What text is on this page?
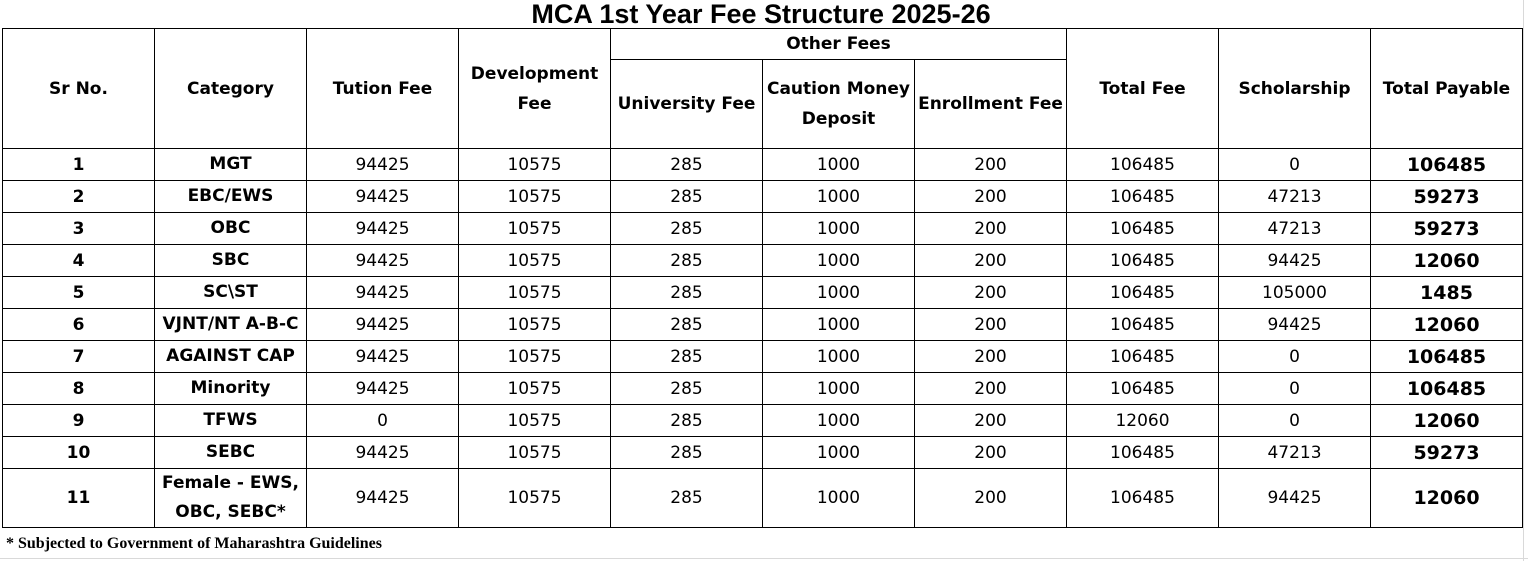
MCA 1st Year Fee Structure 2025-26
Sr No.	Category	Tution Fee	Development Fee	Other Fees			Total Fee	Scholarship	Total Payable
				University Fee	Caution Money Deposit	Enrollment Fee			
1	MGT	94425	10575	285	1000	200	106485	0	106485
2	EBC/EWS	94425	10575	285	1000	200	106485	47213	59273
3	OBC	94425	10575	285	1000	200	106485	47213	59273
4	SBC	94425	10575	285	1000	200	106485	94425	12060
5	SC\ST	94425	10575	285	1000	200	106485	105000	1485
6	VJNT/NT A-B-C	94425	10575	285	1000	200	106485	94425	12060
7	AGAINST CAP	94425	10575	285	1000	200	106485	0	106485
8	Minority	94425	10575	285	1000	200	106485	0	106485
9	TFWS	0	10575	285	1000	200	12060	0	12060
10	SEBC	94425	10575	285	1000	200	106485	47213	59273
11	Female - EWS, OBC, SEBC*	94425	10575	285	1000	200	106485	94425	12060
* Subjected to Government of Maharashtra Guidelines
